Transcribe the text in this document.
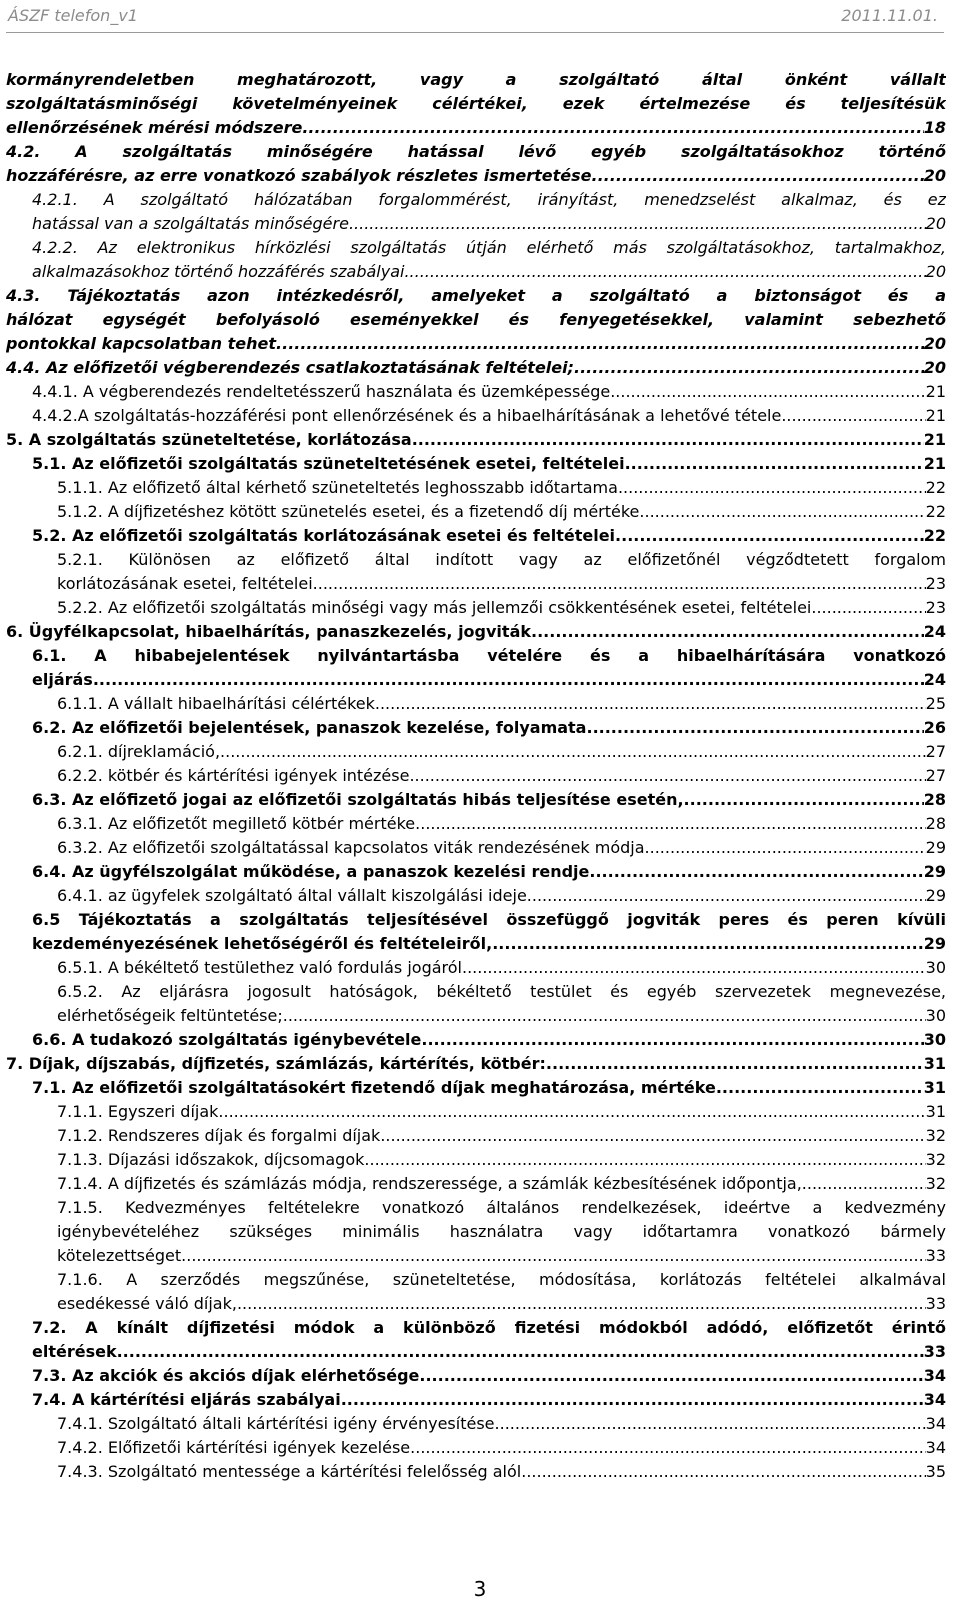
ÁSZF telefon_v1	2011.11.01.
kormányrendeletben meghatározott, vagy a szolgáltató által önként vállalt
szolgáltatásminőségi követelményeinek célértékei, ezek értelmezése és teljesítésük
ellenőrzésének mérési módszere .....	18
4.2. A szolgáltatás minőségére hatással lévő egyéb szolgáltatásokhoz történő
hozzáférésre, az erre vonatkozó szabályok részletes ismertetése .....	20
4.2.1. A szolgáltató hálózatában forgalommérést, irányítást, menedzselést alkalmaz, és ez
hatással van a szolgáltatás minőségére .....	20
4.2.2. Az elektronikus hírközlési szolgáltatás útján elérhető más szolgáltatásokhoz, tartalmakhoz,
alkalmazásokhoz történő hozzáférés szabályai .....	20
4.3. Tájékoztatás azon intézkedésről, amelyeket a szolgáltató a biztonságot és a
hálózat egységét befolyásoló eseményekkel és fenyegetésekkel, valamint sebezhető
pontokkal kapcsolatban tehet .....	20
4.4. Az előfizetői végberendezés csatlakoztatásának feltételei; .....	20
4.4.1. A végberendezés rendeltetésszerű használata és üzemképessége .....	21
4.4.2.A szolgáltatás-hozzáférési pont ellenőrzésének és a hibaelhárításának a lehetővé tétele .....	21
5. A szolgáltatás szüneteltetése, korlátozása .....	21
5.1. Az előfizetői szolgáltatás szüneteltetésének esetei, feltételei .....	21
5.1.1. Az előfizető által kérhető szüneteltetés leghosszabb időtartama .....	22
5.1.2. A díjfizetéshez kötött szünetelés esetei, és a fizetendő díj mértéke .....	22
5.2. Az előfizetői szolgáltatás korlátozásának esetei és feltételei .....	22
5.2.1. Különösen az előfizető által indított vagy az előfizetőnél végződtetett forgalom
korlátozásának esetei, feltételei .....	23
5.2.2. Az előfizetői szolgáltatás minőségi vagy más jellemzői csökkentésének esetei, feltételei .....	23
6. Ügyfélkapcsolat, hibaelhárítás, panaszkezelés, jogviták .....	24
6.1. A hibabejelentések nyilvántartásba vételére és a hibaelhárítására vonatkozó
eljárás .....	24
6.1.1. A vállalt hibaelhárítási célértékek .....	25
6.2. Az előfizetői bejelentések, panaszok kezelése, folyamata .....	26
6.2.1. díjreklamáció, .....	27
6.2.2. kötbér és kártérítési igények intézése .....	27
6.3. Az előfizető jogai az előfizetői szolgáltatás hibás teljesítése esetén, .....	28
6.3.1. Az előfizetőt megillető kötbér mértéke .....	28
6.3.2. Az előfizetői szolgáltatással kapcsolatos viták rendezésének módja .....	29
6.4. Az ügyfélszolgálat működése, a panaszok kezelési rendje .....	29
6.4.1. az ügyfelek szolgáltató által vállalt kiszolgálási ideje .....	29
6.5 Tájékoztatás a szolgáltatás teljesítésével összefüggő jogviták peres és peren kívüli
kezdeményezésének lehetőségéről és feltételeiről, .....	29
6.5.1. A békéltető testülethez való fordulás jogáról .....	30
6.5.2. Az eljárásra jogosult hatóságok, békéltető testület és egyéb szervezetek megnevezése,
elérhetőségeik feltüntetése; .....	30
6.6. A tudakozó szolgáltatás igénybevétele .....	30
7. Díjak, díjszabás, díjfizetés, számlázás, kártérítés, kötbér: .....	31
7.1. Az előfizetői szolgáltatásokért fizetendő díjak meghatározása, mértéke .....	31
7.1.1. Egyszeri díjak .....	31
7.1.2. Rendszeres díjak és forgalmi díjak .....	32
7.1.3. Díjazási időszakok, díjcsomagok .....	32
7.1.4. A díjfizetés és számlázás módja, rendszeressége, a számlák kézbesítésének időpontja, .....	32
7.1.5. Kedvezményes feltételekre vonatkozó általános rendelkezések, ideértve a kedvezmény
igénybevételéhez szükséges minimális használatra vagy időtartamra vonatkozó bármely
kötelezettséget .....	33
7.1.6. A szerződés megszűnése, szüneteltetése, módosítása, korlátozás feltételei alkalmával
esedékessé váló díjak, .....	33
7.2. A kínált díjfizetési módok a különböző fizetési módokból adódó, előfizetőt érintő
eltérések .....	33
7.3. Az akciók és akciós díjak elérhetősége .....	34
7.4. A kártérítési eljárás szabályai .....	34
7.4.1. Szolgáltató általi kártérítési igény érvényesítése .....	34
7.4.2. Előfizetői kártérítési igények kezelése .....	34
7.4.3. Szolgáltató mentessége a kártérítési felelősség alól. .....	35
3
